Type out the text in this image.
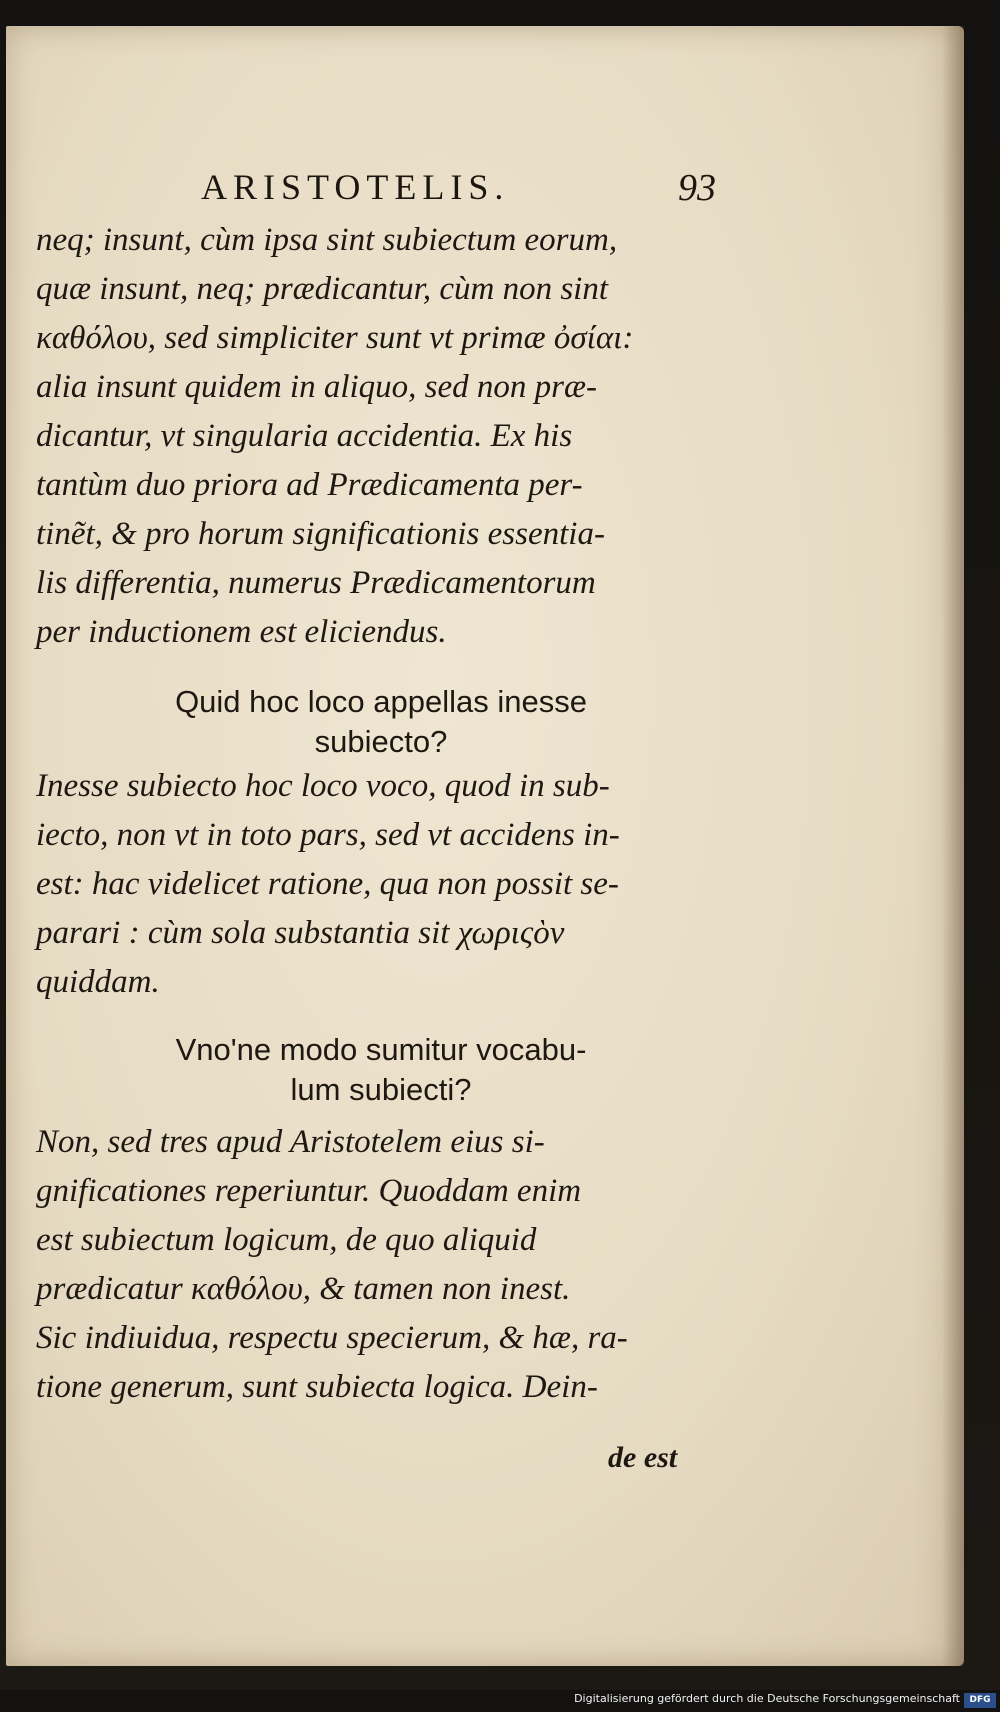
ARISTOTELIS.	93
neq; insunt, cùm ipsa sint subiectum eorum,
quæ insunt, neq; prædicantur, cùm non sint
καθόλου, sed simpliciter sunt vt primæ ὀσίαι:
alia insunt quidem in aliquo, sed non præ-
dicantur, vt singularia accidentia. Ex his
tantùm duo priora ad Prædicamenta per-
tinẽt, & pro horum significationis essentia-
lis differentia, numerus Prædicamentorum
per inductionem est eliciendus.
Quid hoc loco appellas inesse
subiecto?
Inesse subiecto hoc loco voco, quod in sub-
iecto, non vt in toto pars, sed vt accidens in-
est: hac videlicet ratione, qua non possit se-
parari : cùm sola substantia sit χωριςὸν
quiddam.
Vno'ne modo sumitur vocabu-
lum subiecti?
Non, sed tres apud Aristotelem eius si-
gnificationes reperiuntur. Quoddam enim
est subiectum logicum, de quo aliquid
prædicatur καθόλου, & tamen non inest.
Sic indiuidua, respectu specierum, & hæ, ra-
tione generum, sunt subiecta logica. Dein-
de est
Digitalisierung gefördert durch die Deutsche Forschungsgemeinschaft	DFG
